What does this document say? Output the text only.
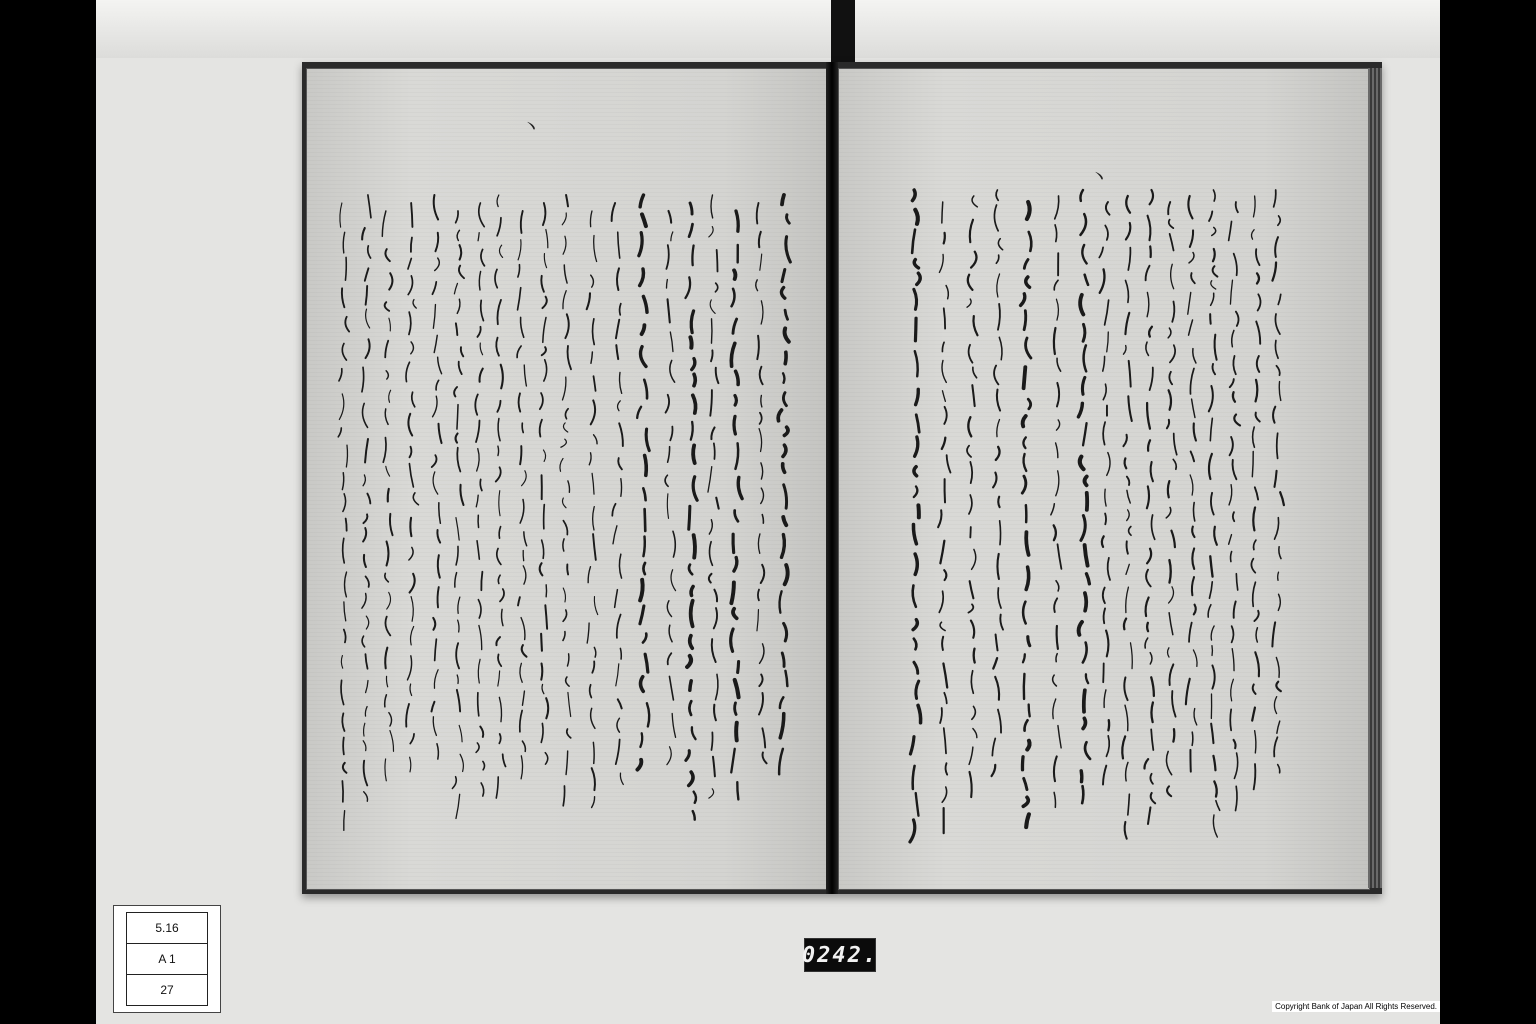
丶
丶
5.16
A 1
27
0242.
Copyright Bank of Japan All Rights Reserved.
